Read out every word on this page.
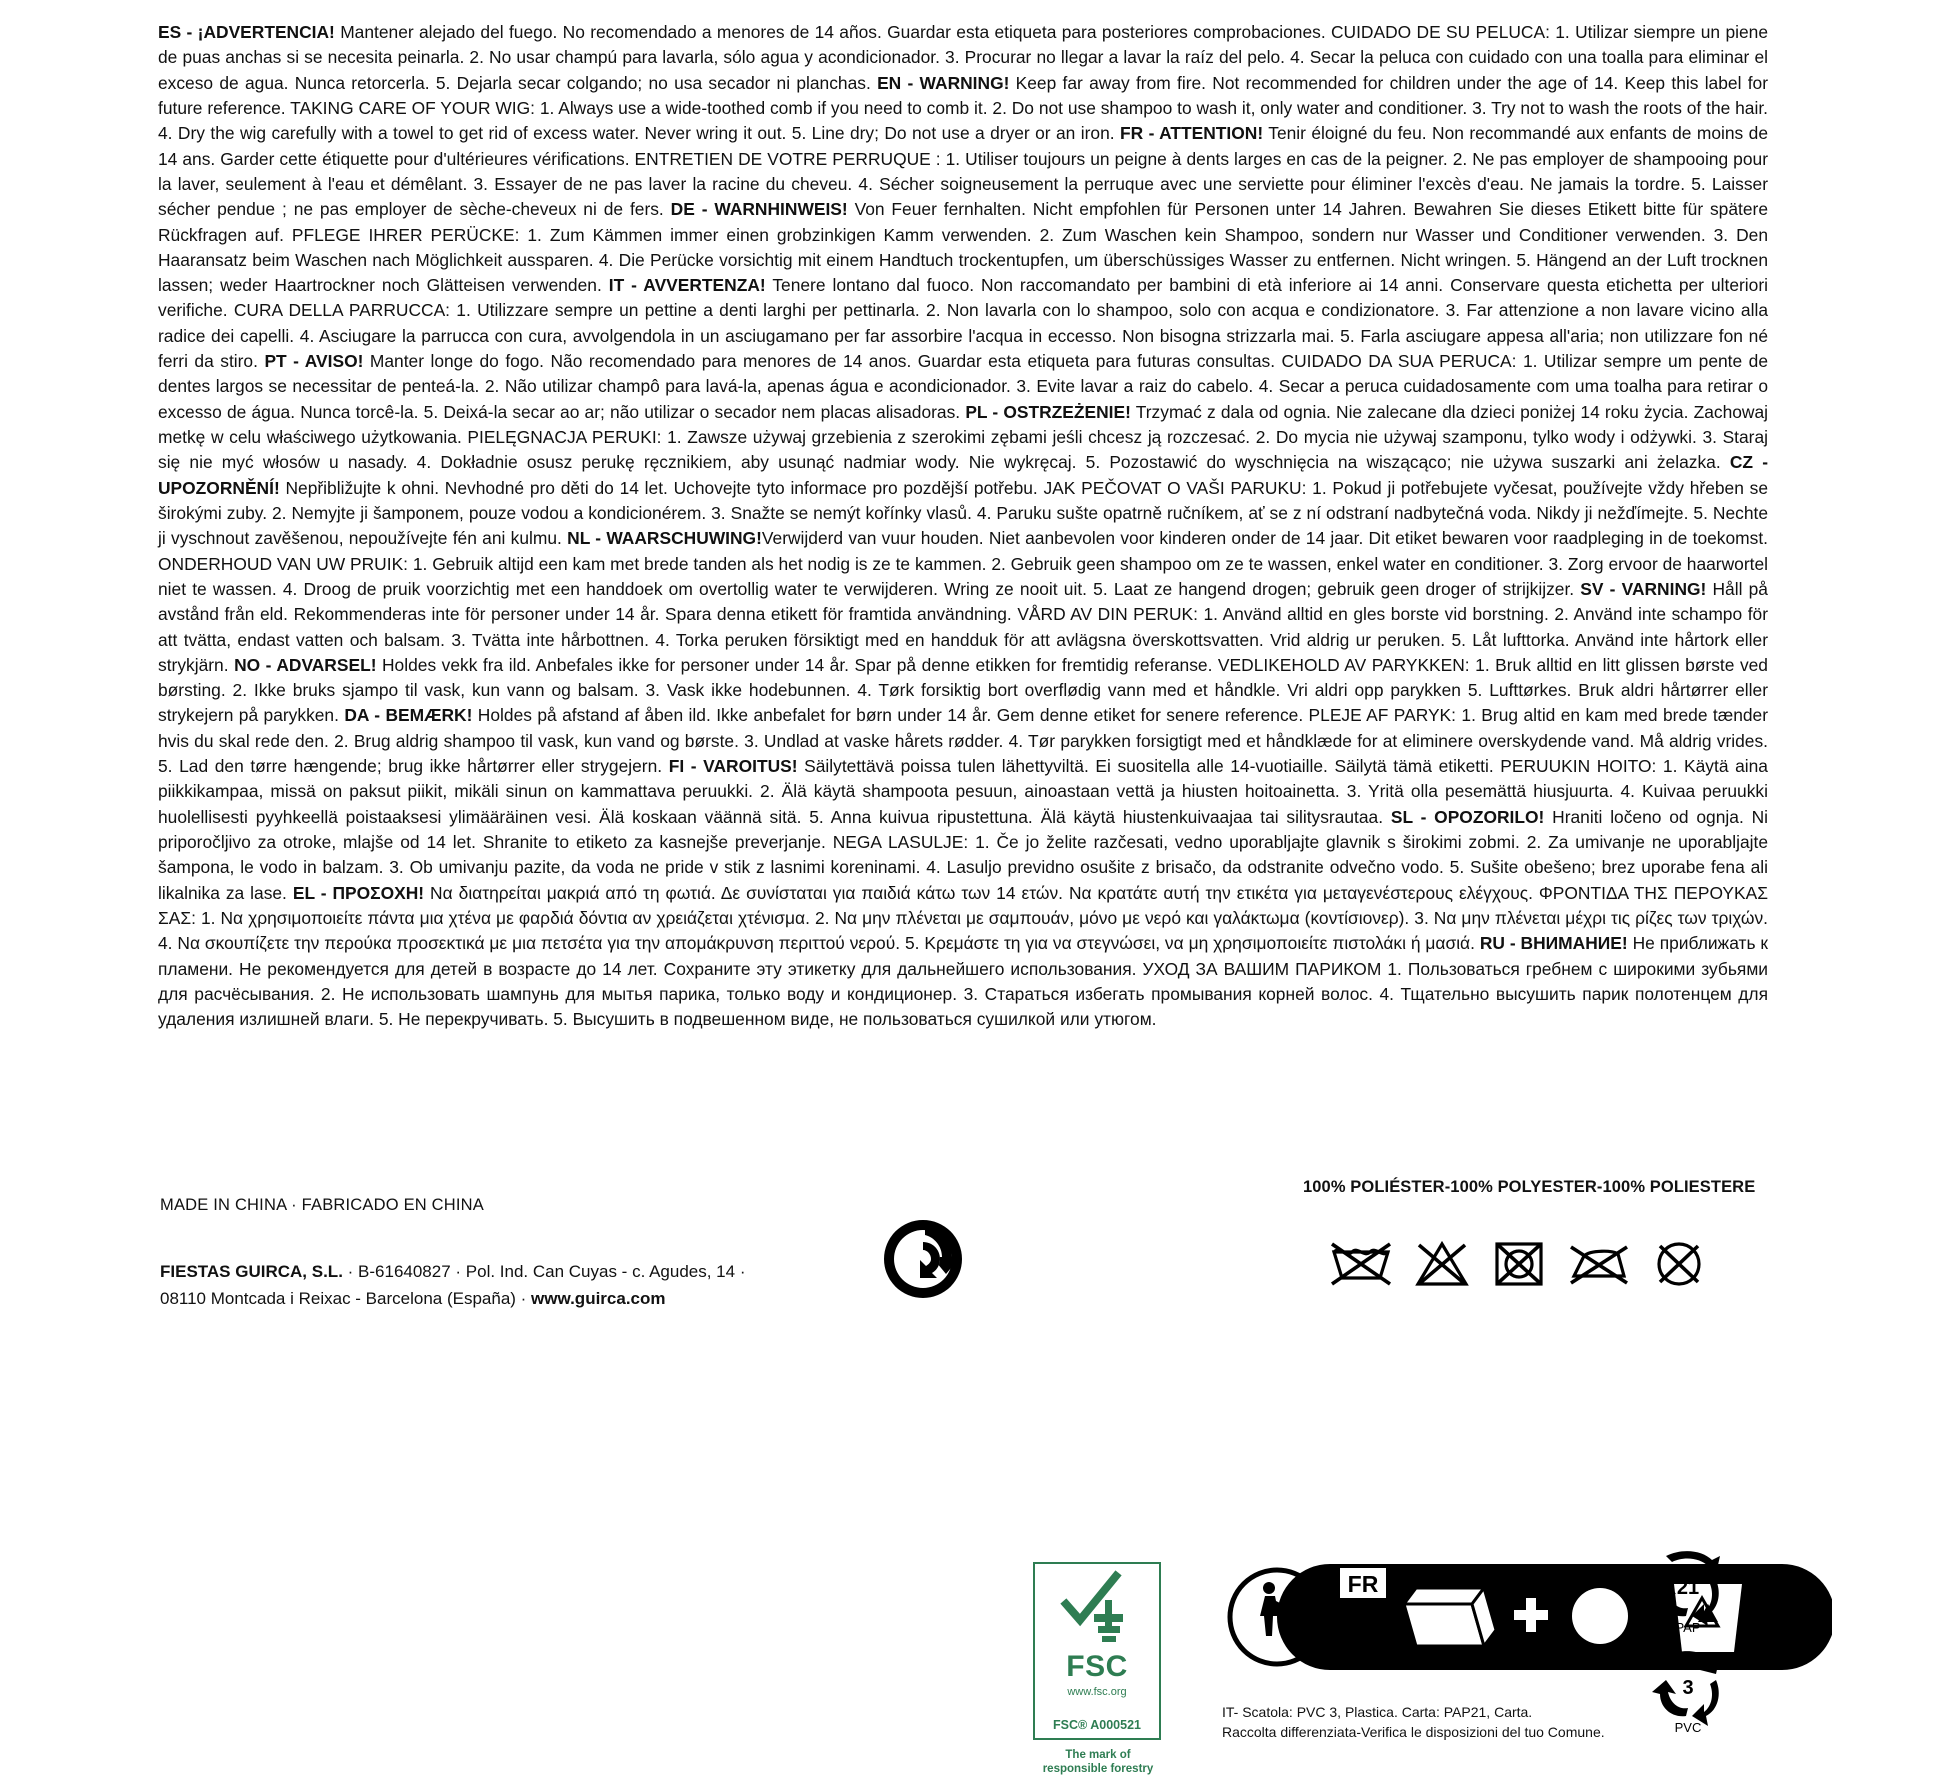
ES - ¡ADVERTENCIA! Mantener alejado del fuego. No recomendado a menores de 14 años. Guardar esta etiqueta para posteriores comprobaciones. CUIDADO DE SU PELUCA: 1. Utilizar siempre un piene de puas anchas si se necesita peinarla. 2. No usar champú para lavarla, sólo agua y acondicionador. 3. Procurar no llegar a lavar la raíz del pelo. 4. Secar la peluca con cuidado con una toalla para eliminar el exceso de agua. Nunca retorcerla. 5. Dejarla secar colgando; no usa secador ni planchas. EN - WARNING! Keep far away from fire. Not recommended for children under the age of 14. Keep this label for future reference. TAKING CARE OF YOUR WIG: 1. Always use a wide-toothed comb if you need to comb it. 2. Do not use shampoo to wash it, only water and conditioner. 3. Try not to wash the roots of the hair. 4. Dry the wig carefully with a towel to get rid of excess water. Never wring it out. 5. Line dry; Do not use a dryer or an iron. FR - ATTENTION! Tenir éloigné du feu. Non recommandé aux enfants de moins de 14 ans. Garder cette étiquette pour d'ultérieures vérifications. ENTRETIEN DE VOTRE PERRUQUE : 1. Utiliser toujours un peigne à dents larges en cas de la peigner. 2. Ne pas employer de shampooing pour la laver, seulement à l'eau et démêlant. 3. Essayer de ne pas laver la racine du cheveu. 4. Sécher soigneusement la perruque avec une serviette pour éliminer l'excès d'eau. Ne jamais la tordre. 5. Laisser sécher pendue ; ne pas employer de sèche-cheveux ni de fers. DE - WARNHINWEIS! Von Feuer fernhalten. Nicht empfohlen für Personen unter 14 Jahren. Bewahren Sie dieses Etikett bitte für spätere Rückfragen auf. PFLEGE IHRER PERÜCKE: 1. Zum Kämmen immer einen grobzinkigen Kamm verwenden. 2. Zum Waschen kein Shampoo, sondern nur Wasser und Conditioner verwenden. 3. Den Haaransatz beim Waschen nach Möglichkeit aussparen. 4. Die Perücke vorsichtig mit einem Handtuch trockentupfen, um überschüssiges Wasser zu entfernen. Nicht wringen. 5. Hängend an der Luft trocknen lassen; weder Haartrockner noch Glätteisen verwenden. IT - AVVERTENZA! Tenere lontano dal fuoco. Non raccomandato per bambini di età inferiore ai 14 anni. Conservare questa etichetta per ulteriori verifiche. CURA DELLA PARRUCCA: 1. Utilizzare sempre un pettine a denti larghi per pettinarla. 2. Non lavarla con lo shampoo, solo con acqua e condizionatore. 3. Far attenzione a non lavare vicino alla radice dei capelli. 4. Asciugare la parrucca con cura, avvolgendola in un asciugamano per far assorbire l'acqua in eccesso. Non bisogna strizzarla mai. 5. Farla asciugare appesa all'aria; non utilizzare fon né ferri da stiro. PT - AVISO! Manter longe do fogo. Não recomendado para menores de 14 anos. Guardar esta etiqueta para futuras consultas. CUIDADO DA SUA PERUCA: 1. Utilizar sempre um pente de dentes largos se necessitar de penteá-la. 2. Não utilizar champô para lavá-la, apenas água e acondicionador. 3. Evite lavar a raiz do cabelo. 4. Secar a peruca cuidadosamente com uma toalha para retirar o excesso de água. Nunca torcê-la. 5. Deixá-la secar ao ar; não utilizar o secador nem placas alisadoras. PL - OSTRZEŻENIE! Trzymać z dala od ognia. Nie zalecane dla dzieci poniżej 14 roku życia. Zachowaj metkę w celu właściwego użytkowania. PIELĘGNACJA PERUKI: 1. Zawsze używaj grzebienia z szerokimi zębami jeśli chcesz ją rozczesać. 2. Do mycia nie używaj szamponu, tylko wody i odżywki. 3. Staraj się nie myć włosów u nasady. 4. Dokładnie osusz perukę ręcznikiem, aby usunąć nadmiar wody. Nie wykręcaj. 5. Pozostawić do wyschnięcia na wiszącąco; nie używa suszarki ani żelazka. CZ - UPOZORNĚNÍ! Nepřibližujte k ohni. Nevhodné pro děti do 14 let. Uchovejte tyto informace pro pozdější potřebu. JAK PEČOVAT O VAŠI PARUKU: 1. Pokud ji potřebujete vyčesat, používejte vždy hřeben se širokými zuby. 2. Nemyjte ji šamponem, pouze vodou a kondicionérem. 3. Snažte se nemýt kořínky vlasů. 4. Paruku sušte opatrně ručníkem, ať se z ní odstraní nadbytečná voda. Nikdy ji nežďímejte. 5. Nechte ji vyschnout zavěšenou, nepoužívejte fén ani kulmu. NL - WAARSCHUWING!Verwijderd van vuur houden. Niet aanbevolen voor kinderen onder de 14 jaar. Dit etiket bewaren voor raadpleging in de toekomst. ONDERHOUD VAN UW PRUIK: 1. Gebruik altijd een kam met brede tanden als het nodig is ze te kammen. 2. Gebruik geen shampoo om ze te wassen, enkel water en conditioner. 3. Zorg ervoor de haarwortel niet te wassen. 4. Droog de pruik voorzichtig met een handdoek om overtollig water te verwijderen. Wring ze nooit uit. 5. Laat ze hangend drogen; gebruik geen droger of strijkijzer. SV - VARNING! Håll på avstånd från eld. Rekommenderas inte för personer under 14 år. Spara denna etikett för framtida användning. VÅRD AV DIN PERUK: 1. Använd alltid en gles borste vid borstning. 2. Använd inte schampo för att tvätta, endast vatten och balsam. 3. Tvätta inte hårbottnen. 4. Torka peruken försiktigt med en handduk för att avlägsna överskottsvatten. Vrid aldrig ur peruken. 5. Låt lufttorka. Använd inte hårtork eller strykjärn. NO - ADVARSEL! Holdes vekk fra ild. Anbefales ikke for personer under 14 år. Spar på denne etikken for fremtidig referanse. VEDLIKEHOLD AV PARYKKEN: 1. Bruk alltid en litt glissen børste ved børsting. 2. Ikke bruks sjampo til vask, kun vann og balsam. 3. Vask ikke hodebunnen. 4. Tørk forsiktig bort overflødig vann med et håndkle. Vri aldri opp parykken 5. Lufttørkes. Bruk aldri hårtørrer eller strykejern på parykken. DA - BEMÆRK! Holdes på afstand af åben ild. Ikke anbefalet for børn under 14 år. Gem denne etiket for senere reference. PLEJE AF PARYK: 1. Brug altid en kam med brede tænder hvis du skal rede den. 2. Brug aldrig shampoo til vask, kun vand og børste. 3. Undlad at vaske hårets rødder. 4. Tør parykken forsigtigt med et håndklæde for at eliminere overskydende vand. Må aldrig vrides. 5. Lad den tørre hængende; brug ikke hårtørrer eller strygejern. FI - VAROITUS! Säilytettävä poissa tulen lähettyviltä. Ei suositella alle 14-vuotiaille. Säilytä tämä etiketti. PERUUKIN HOITO: 1. Käytä aina piikkikampaa, missä on paksut piikit, mikäli sinun on kammattava peruukki. 2. Älä käytä shampoota pesuun, ainoastaan vettä ja hiusten hoitoainetta. 3. Yritä olla pesemättä hiusjuurta. 4. Kuivaa peruukki huolellisesti pyyhkeellä poistaaksesi ylimääräinen vesi. Älä koskaan väännä sitä. 5. Anna kuivua ripustettuna. Älä käytä hiustenkuivaajaa tai silitysrautaa. SL - OPOZORILO! Hraniti ločeno od ognja. Ni priporočljivo za otroke, mlajše od 14 let. Shranite to etiketo za kasnejše preverjanje. NEGA LASULJE: 1. Če jo želite razčesati, vedno uporabljajte glavnik s širokimi zobmi. 2. Za umivanje ne uporabljajte šampona, le vodo in balzam. 3. Ob umivanju pazite, da voda ne pride v stik z lasnimi koreninami. 4. Lasuljo previdno osušite z brisačo, da odstranite odvečno vodo. 5. Sušite obešeno; brez uporabe fena ali likalnika za lase. EL - ΠΡΟΣΟΧΗ! Να διατηρείται μακριά από τη φωτιά. Δε συνίσταται για παιδιά κάτω των 14 ετών. Να κρατάτε αυτή την ετικέτα για μεταγενέστερους ελέγχους. ΦΡΟΝΤΙΔΑ ΤΗΣ ΠΕΡΟΥΚΑΣ ΣΑΣ: 1. Να χρησιμοποιείτε πάντα μια χτένα με φαρδιά δόντια αν χρειάζεται χτένισμα. 2. Να μην πλένεται με σαμπουάν, μόνο με νερό και γαλάκτωμα (κοντίσιονερ). 3. Να μην πλένεται μέχρι τις ρίζες των τριχών. 4. Να σκουπίζετε την περούκα προσεκτικά με μια πετσέτα για την απομάκρυνση περιττού νερού. 5. Κρεμάστε τη για να στεγνώσει, να μη χρησιμοποιείτε πιστολάκι ή μασιά. RU - ВНИМАНИЕ! Не приближать к пламени. Не рекомендуется для детей в возрасте до 14 лет. Сохраните эту этикетку для дальнейшего использования. УХОД ЗА ВАШИМ ПАРИКОМ 1. Пользоваться гребнем с широкими зубьями для расчёсывания. 2. Не использовать шампунь для мытья парика, только воду и кондиционер. 3. Стараться избегать промывания корней волос. 4. Тщательно высушить парик полотенцем для удаления излишней влаги. 5. Не перекручивать. 5. Высушить в подвешенном виде, не пользоваться сушилкой или утюгом.
MADE IN CHINA · FABRICADO EN CHINA
100% POLIÉSTER-100% POLYESTER-100% POLIESTERE
FIESTAS GUIRCA, S.L. · B-61640827 · Pol. Ind. Can Cuyas - c. Agudes, 14 ·
08110 Montcada i Reixac - Barcelona (España) · www.guirca.com
FSC
www.fsc.org
FSC® A000521
The mark of
responsible forestry
FR
IT- Scatola: PVC 3, Plastica. Carta: PAP21, Carta.
Raccolta differenziata-Verifica le disposizioni del tuo Comune.
21
PAP
3
PVC
